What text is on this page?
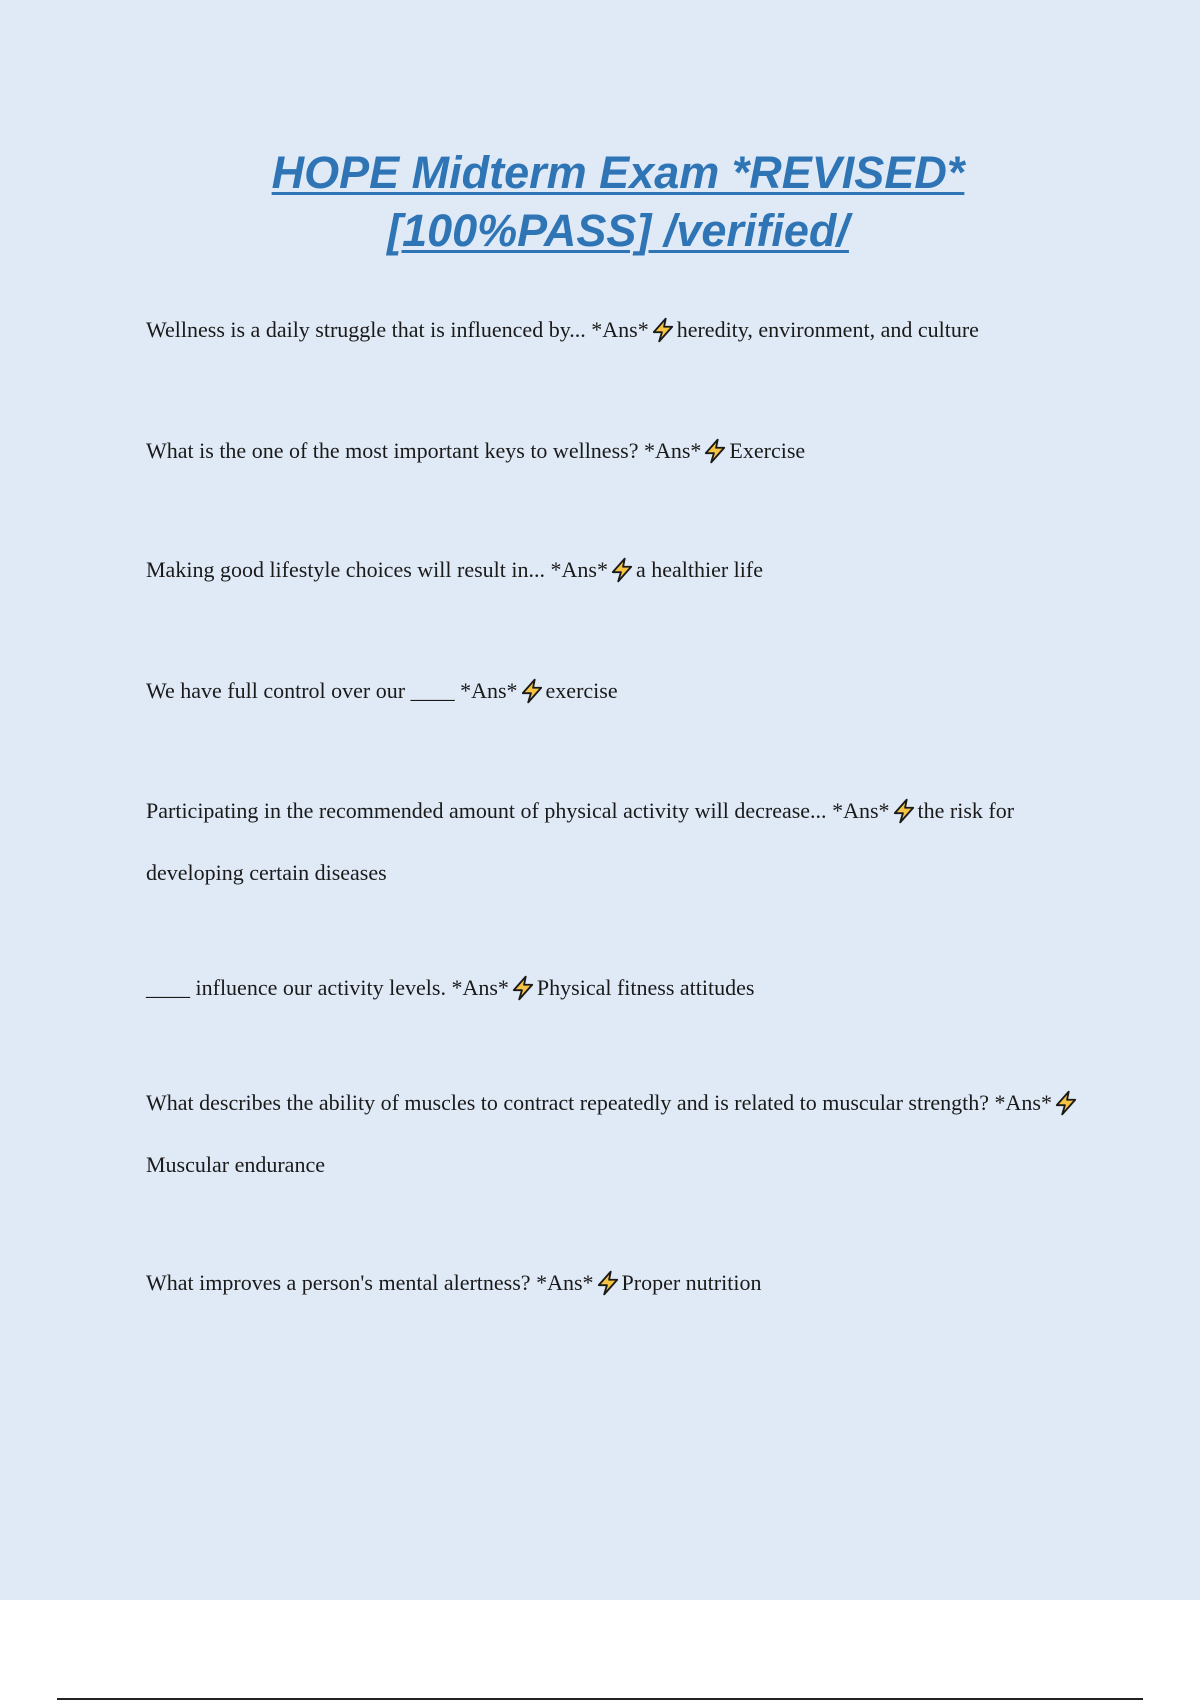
HOPE Midterm Exam *REVISED*
[100%PASS] /verified/

Wellness is a daily struggle that is influenced by... *Ans* heredity, environment, and culture

What is the one of the most important keys to wellness? *Ans* Exercise

Making good lifestyle choices will result in... *Ans* a healthier life

We have full control over our ____ *Ans* exercise

Participating in the recommended amount of physical activity will decrease... *Ans* the risk for developing certain diseases

____ influence our activity levels. *Ans* Physical fitness attitudes

What describes the ability of muscles to contract repeatedly and is related to muscular strength? *Ans*Muscular endurance

What improves a person's mental alertness? *Ans* Proper nutrition
